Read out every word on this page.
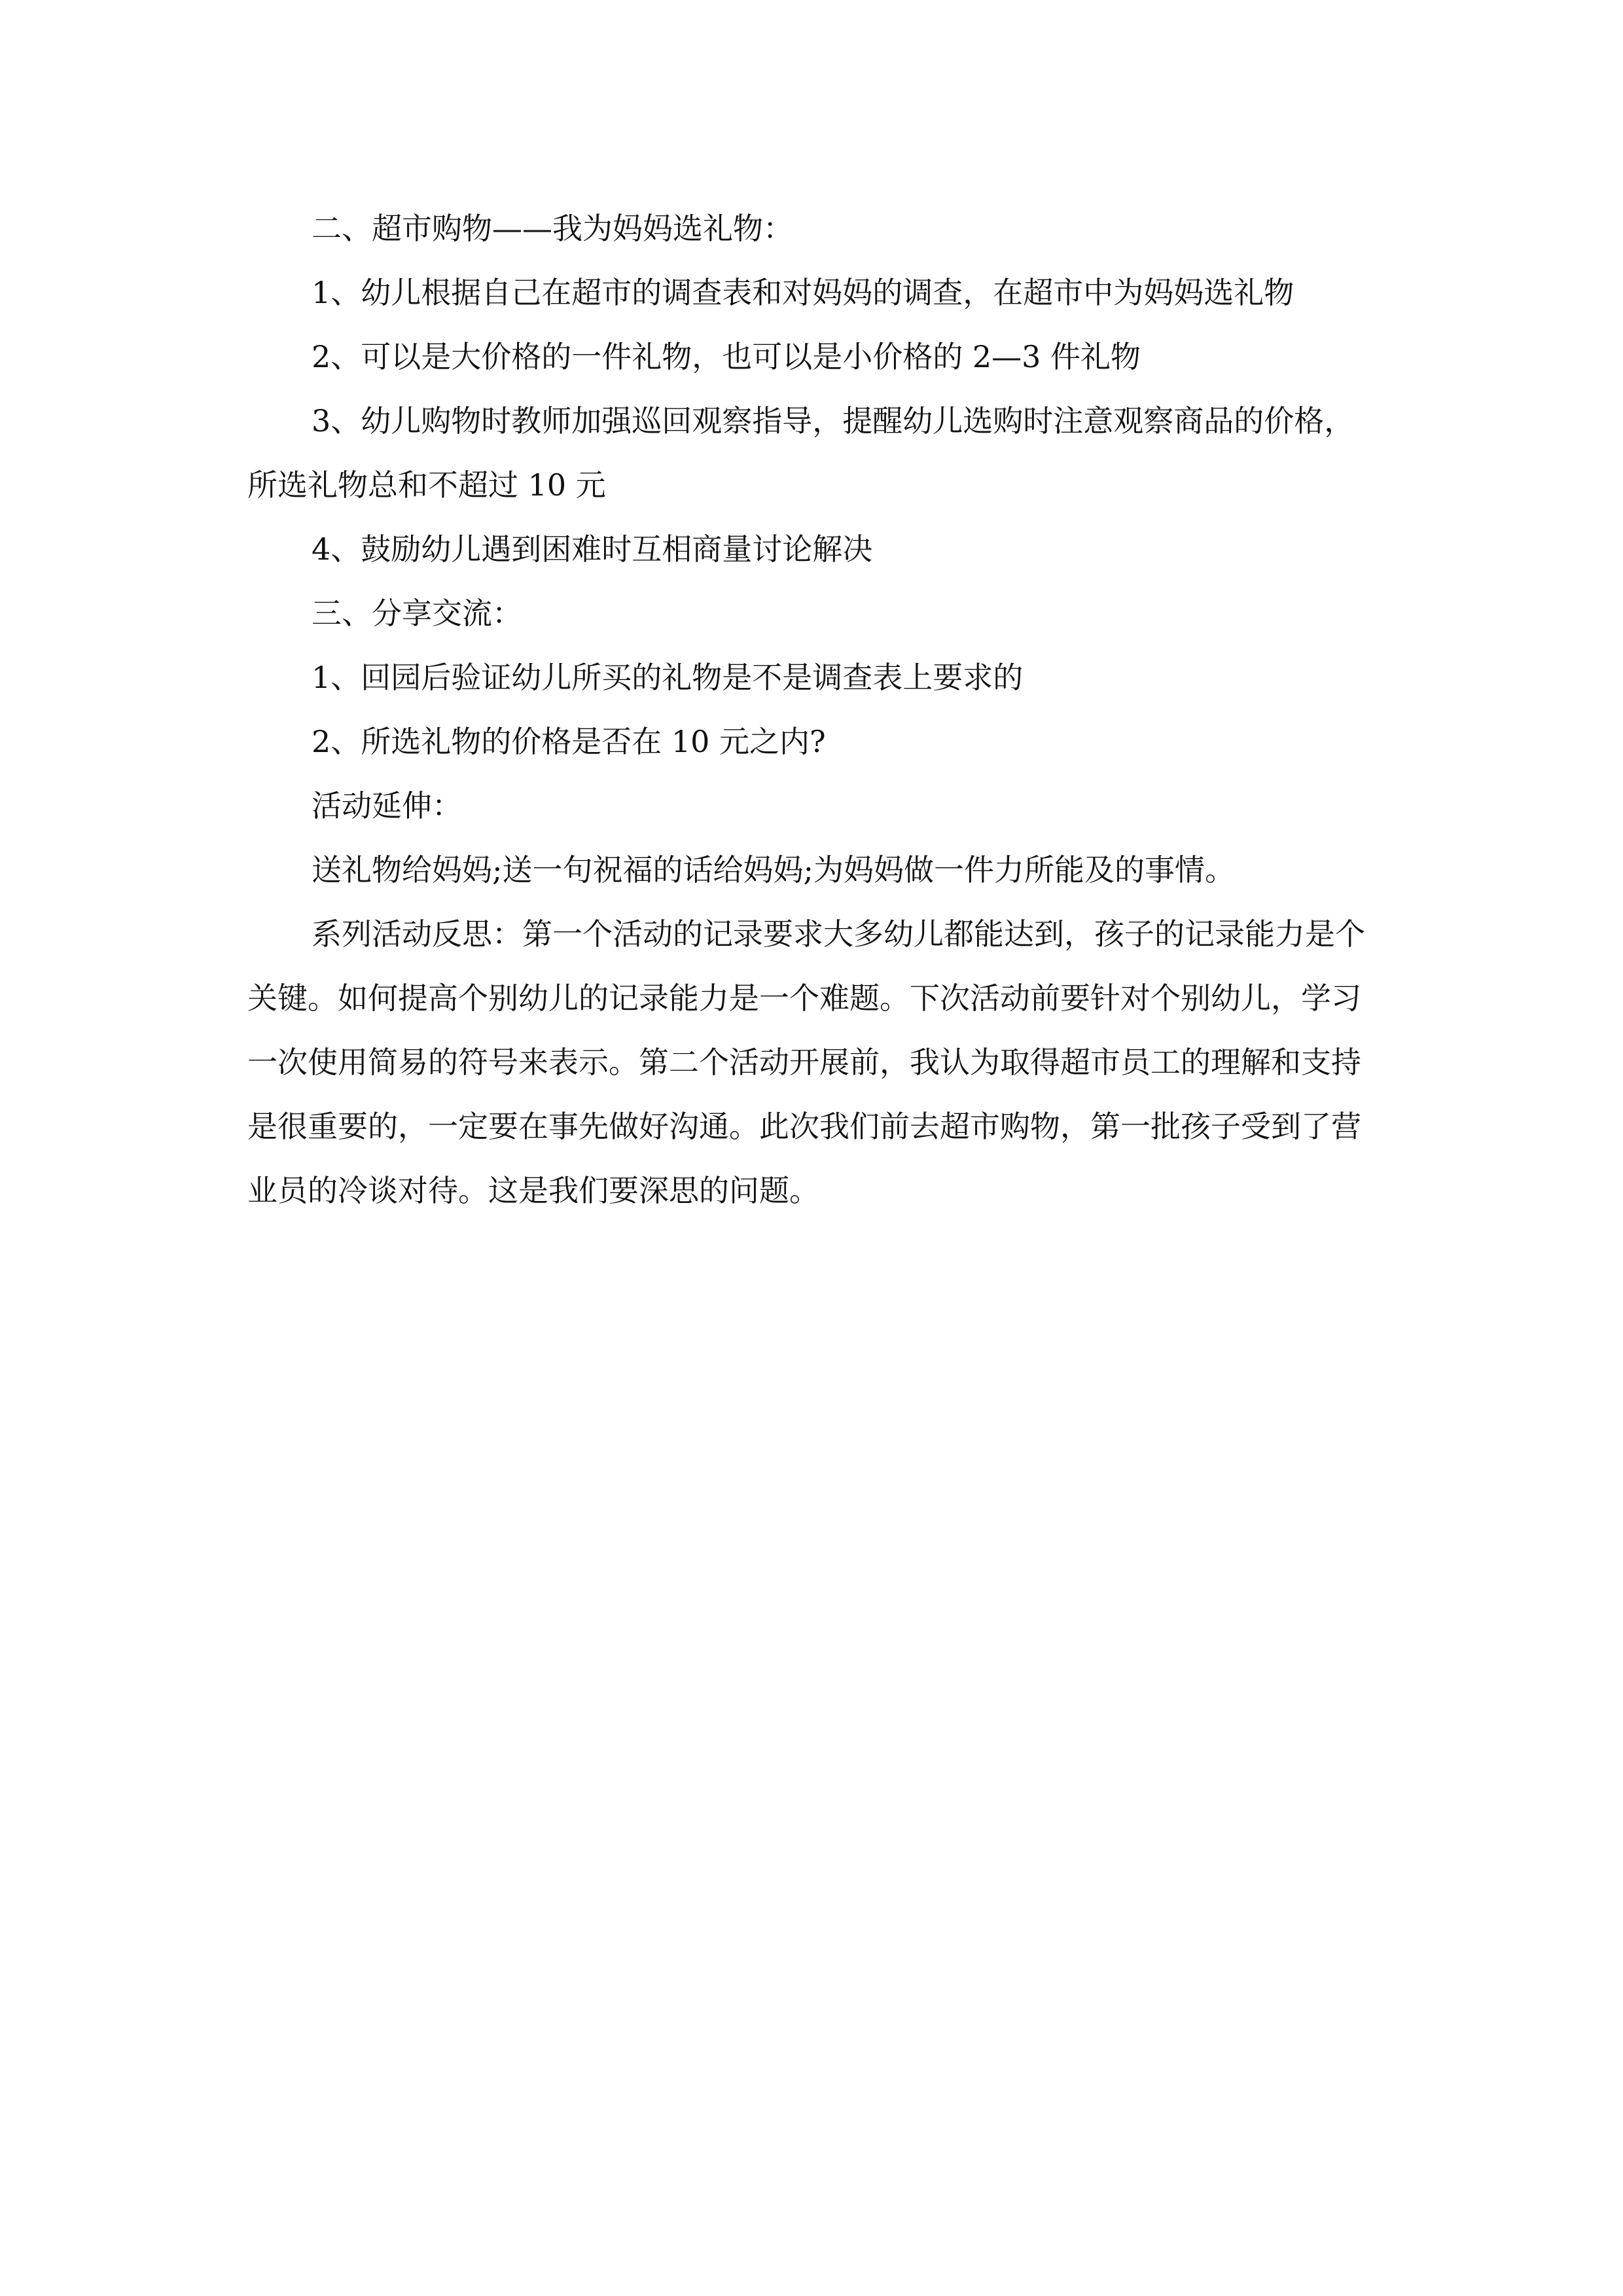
二、超市购物——我为妈妈选礼物：

1、幼儿根据自己在超市的调查表和对妈妈的调查，在超市中为妈妈选礼物

2、可以是大价格的一件礼物，也可以是小价格的 2—3 件礼物

3、幼儿购物时教师加强巡回观察指导，提醒幼儿选购时注意观察商品的价格，所选礼物总和不超过 10 元

4、鼓励幼儿遇到困难时互相商量讨论解决

三、分享交流：

1、回园后验证幼儿所买的礼物是不是调查表上要求的

2、所选礼物的价格是否在 10 元之内?

活动延伸：

送礼物给妈妈;送一句祝福的话给妈妈;为妈妈做一件力所能及的事情。

系列活动反思：第一个活动的记录要求大多幼儿都能达到，孩子的记录能力是个关键。如何提高个别幼儿的记录能力是一个难题。下次活动前要针对个别幼儿，学习一次使用简易的符号来表示。第二个活动开展前，我认为取得超市员工的理解和支持是很重要的，一定要在事先做好沟通。此次我们前去超市购物，第一批孩子受到了营业员的冷谈对待。这是我们要深思的问题。
